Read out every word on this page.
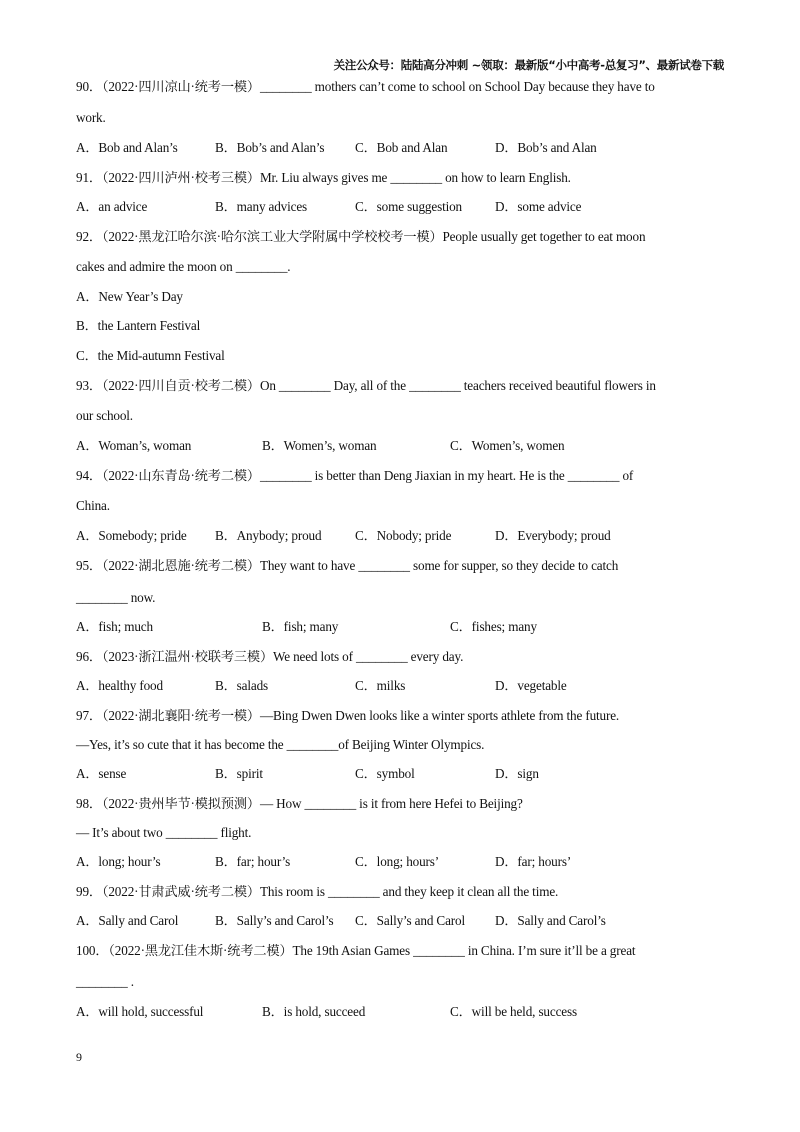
关注公众号：陆陆高分冲刺 ~领取：最新版“小中高考-总复习”、最新试卷下载
90．（2022·四川凉山·统考一模）________ mothers can’t come to school on School Day because they have to
work.
A．Bob and Alan’s	B．Bob’s and Alan’s C．Bob and Alan	D．Bob’s and Alan
91．（2022·四川泸州·校考三模）Mr. Liu always gives me ________ on how to learn English.
A．an advice	B．many advices	C．some suggestion	D．some advice
92．（2022·黑龙江哈尔滨·哈尔滨工业大学附属中学校校考一模）People usually get together to eat moon
cakes and admire the moon on ________.
A．New Year’s Day
B．the Lantern Festival
C．the Mid-autumn Festival
93．（2022·四川自贡·校考二模）On ________ Day, all of the ________ teachers received beautiful flowers in
our school.
A．Woman’s, woman	B．Women’s, woman	C．Women’s, women
94．（2022·山东青岛·统考二模）________ is better than Deng Jiaxian in my heart. He is the ________ of
China.
A．Somebody; pride B．Anybody; proud	C．Nobody; pride	D．Everybody; proud
95．（2022·湖北恩施·统考二模）They want to have ________ some for supper, so they decide to catch
________ now.
A．fish; much	B．fish; many	C．fishes; many
96．（2023·浙江温州·校联考三模）We need lots of ________ every day.
A．healthy food	B．salads	C．milks	D．vegetable
97．（2022·湖北襄阳·统考一模）—Bing Dwen Dwen looks like a winter sports athlete from the future.
—Yes, it’s so cute that it has become the ________of Beijing Winter Olympics.
A．sense	B．spirit	C．symbol	D．sign
98．（2022·贵州毕节·模拟预测）— How ________ is it from here Hefei to Beijing?
— It’s about two ________ flight.
A．long; hour’s	B．far; hour’s	C．long; hours’	D．far; hours’
99．（2022·甘肃武威·统考二模）This room is ________ and they keep it clean all the time.
A．Sally and Carol	B．Sally’s and Carol’s C．Sally’s and Carol D．Sally and Carol’s
100．（2022·黑龙江佳木斯·统考二模）The 19th Asian Games ________ in China. I’m sure it’ll be a great
________ .
A．will hold, successful	B．is hold, succeed	C．will be held, success
9
